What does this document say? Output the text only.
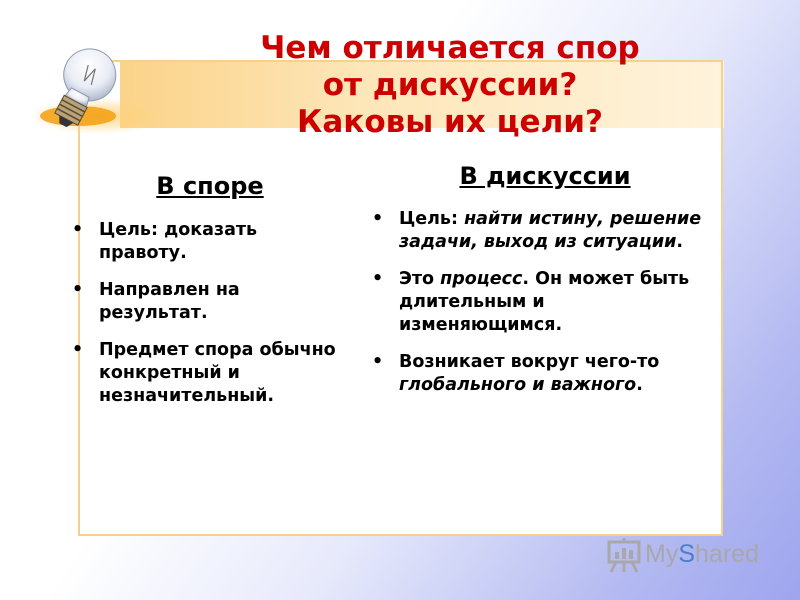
Чем отличается спор
от дискуссии?
Каковы их цели?
В споре	В дискуссии
• Цель: доказать правоту.
• Направлен на результат.
• Предмет спора обычно конкретный и незначительный.
• Цель: найти истину, решение задачи, выход из ситуации.
• Это процесс. Он может быть длительным и изменяющимся.
• Возникает вокруг чего-то глобального и важного.

MyShared
